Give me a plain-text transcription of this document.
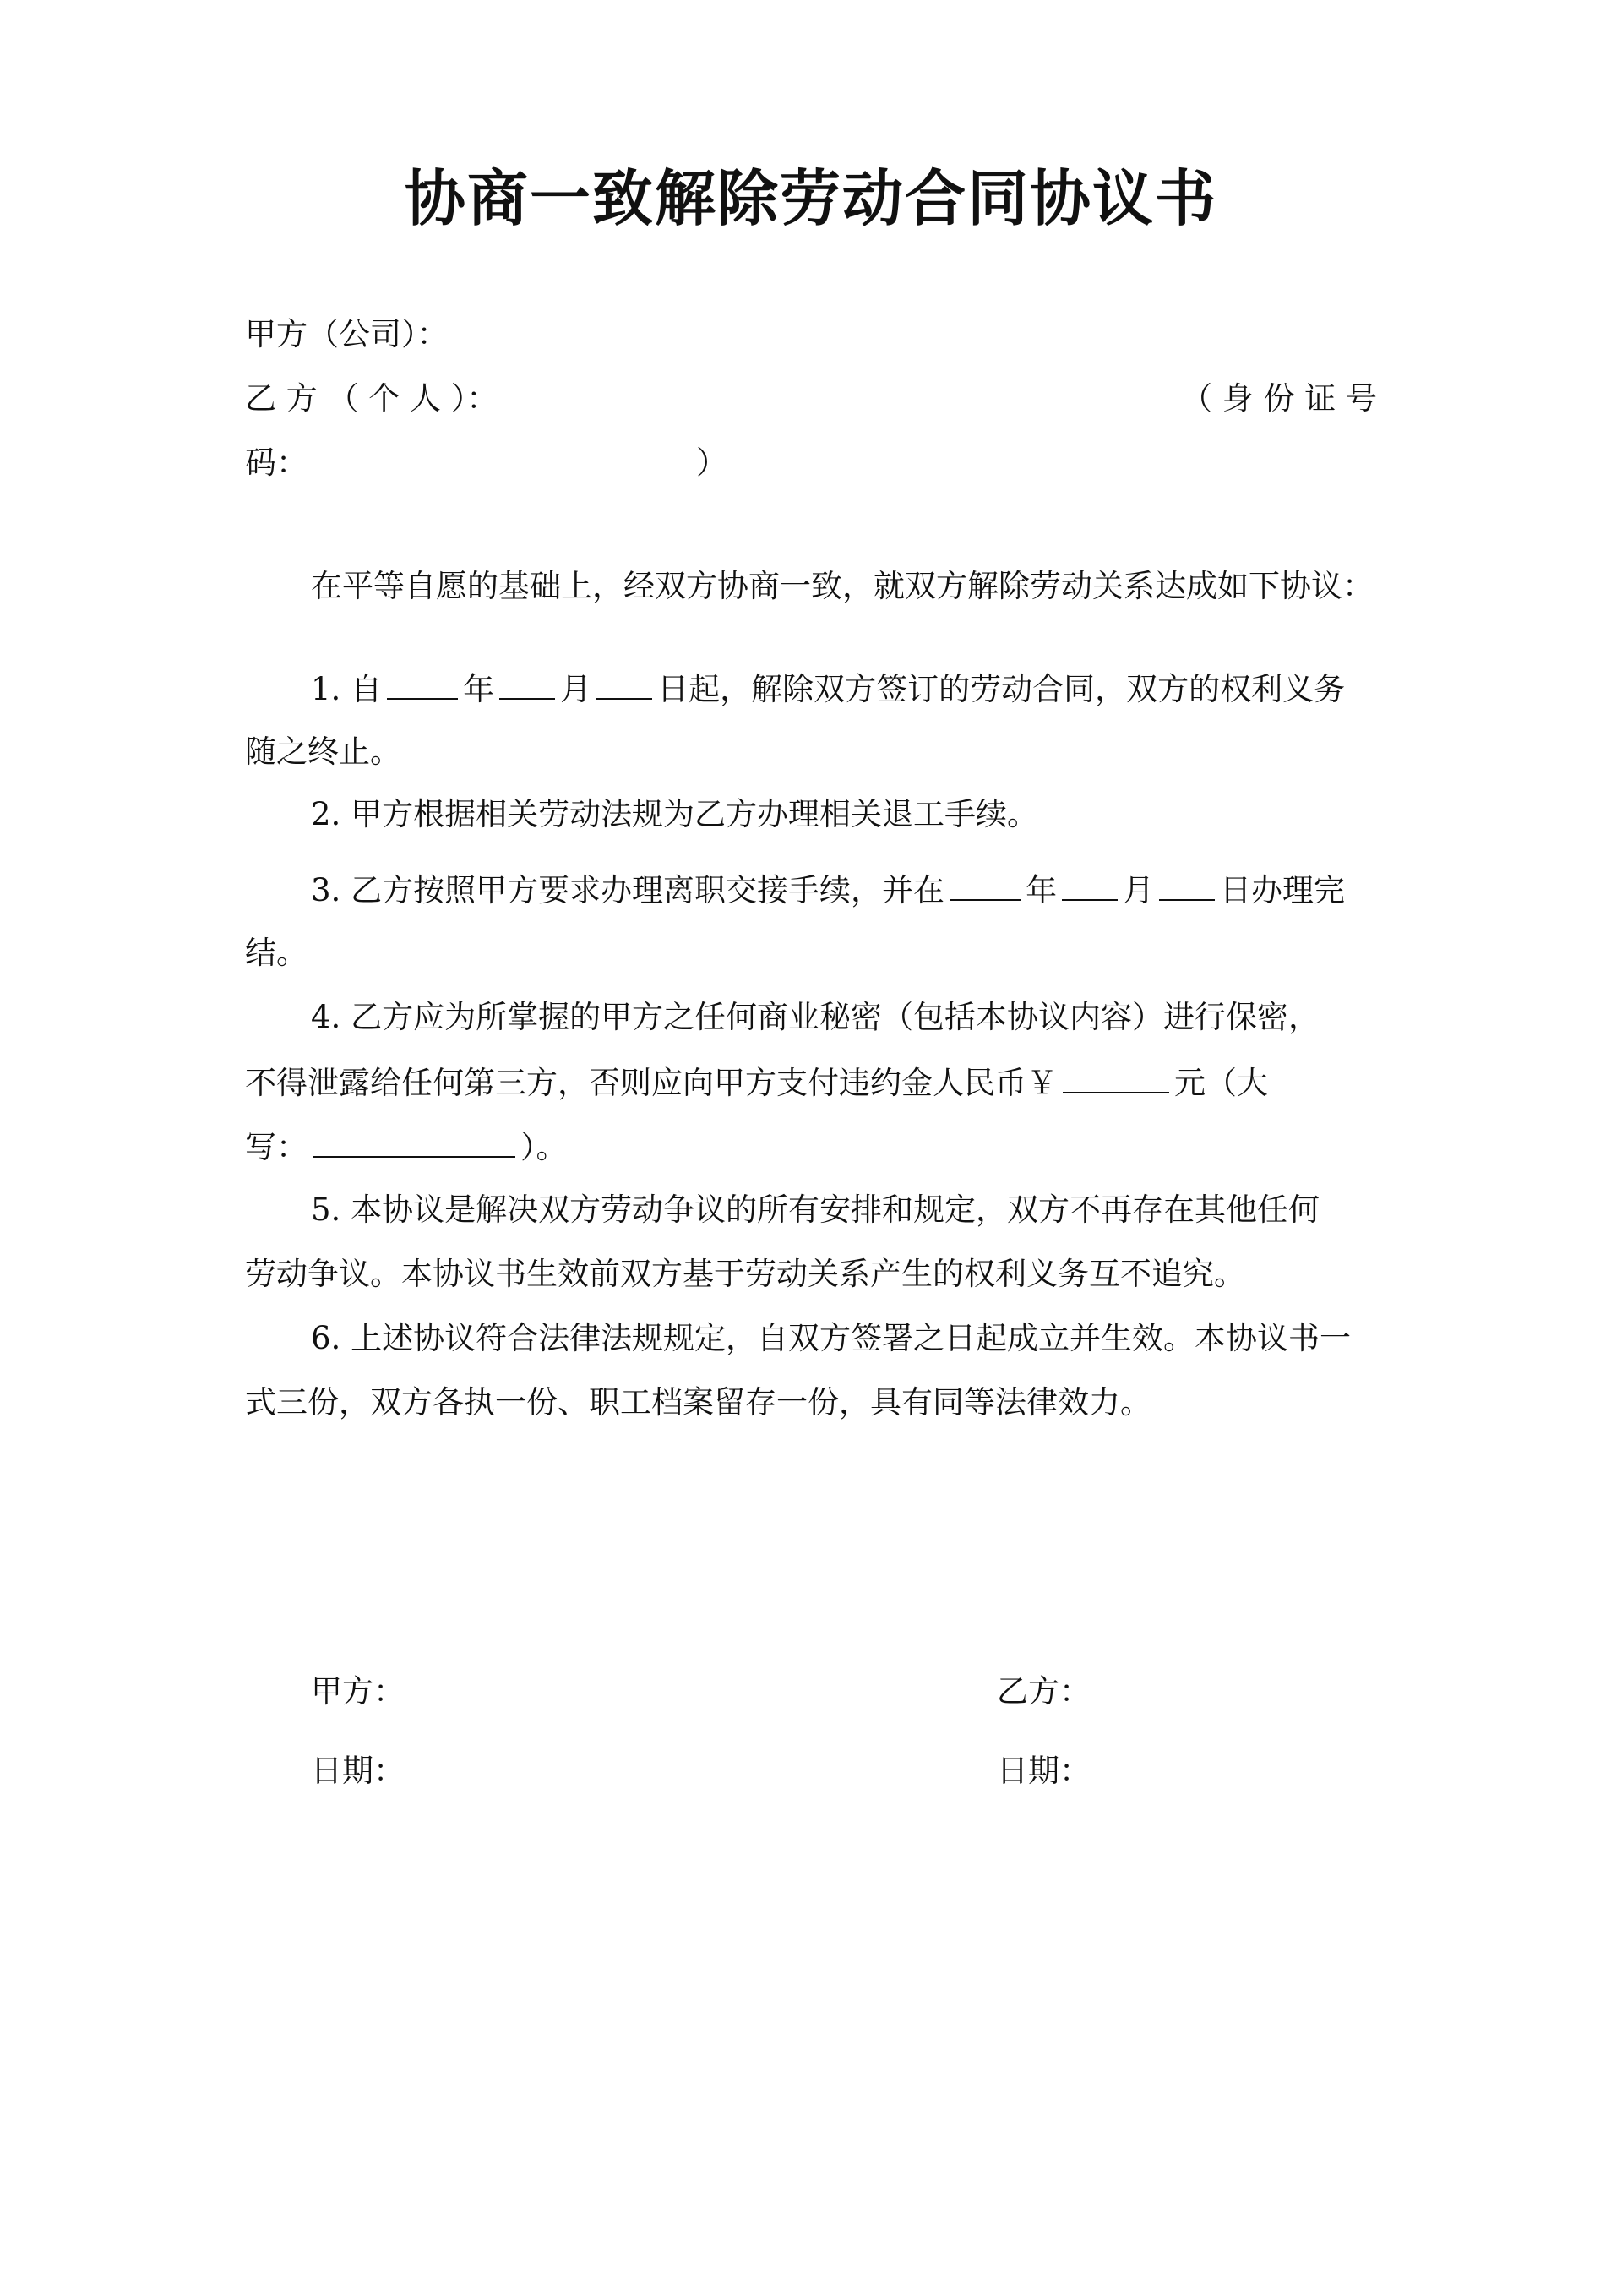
协商一致解除劳动合同协议书
甲方（公司）：
乙 方 （ 个 人 ）：	（ 身 份 证 号
码：	）
在平等自愿的基础上，经双方协商一致，就双方解除劳动关系达成如下协议：
1. 自	年 月 日起，解除双方签订的劳动合同，双方的权利义务
随之终止。
2. 甲方根据相关劳动法规为乙方办理相关退工手续。
3. 乙方按照甲方要求办理离职交接手续，并在	年 月 日办理完
结。
4. 乙方应为所掌握的甲方之任何商业秘密（包括本协议内容）进行保密，
不得泄露给任何第三方，否则应向甲方支付违约金人民币￥	元（大
写：	）。
5. 本协议是解决双方劳动争议的所有安排和规定，双方不再存在其他任何
劳动争议。本协议书生效前双方基于劳动关系产生的权利义务互不追究。
6. 上述协议符合法律法规规定，自双方签署之日起成立并生效。本协议书一
式三份，双方各执一份、职工档案留存一份，具有同等法律效力。
甲方：	乙方：
日期：	日期：
